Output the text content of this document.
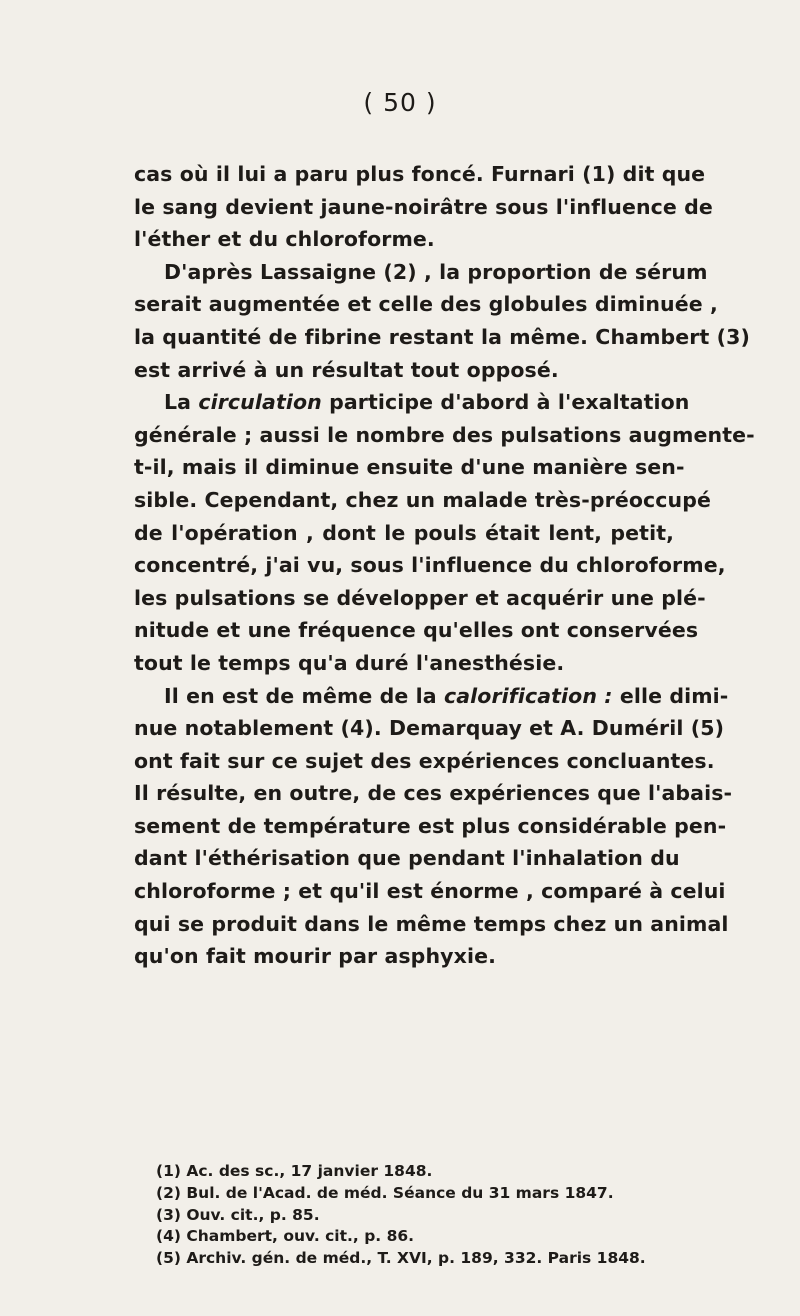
( 50 )
cas où il lui a paru plus foncé. Furnari (1) dit que
le sang devient jaune-noirâtre sous l'influence de
l'éther et du chloroforme.
D'après Lassaigne (2) , la proportion de sérum
serait augmentée et celle des globules diminuée ,
la quantité de fibrine restant la même. Chambert (3)
est arrivé à un résultat tout opposé.
La circulation participe d'abord à l'exaltation
générale ; aussi le nombre des pulsations augmente-
t-il, mais il diminue ensuite d'une manière sen-
sible. Cependant, chez un malade très-préoccupé
de l'opération , dont le pouls était lent, petit,
concentré, j'ai vu, sous l'influence du chloroforme,
les pulsations se développer et acquérir une plé-
nitude et une fréquence qu'elles ont conservées
tout le temps qu'a duré l'anesthésie.
Il en est de même de la calorification : elle dimi-
nue notablement (4). Demarquay et A. Duméril (5)
ont fait sur ce sujet des expériences concluantes.
Il résulte, en outre, de ces expériences que l'abais-
sement de température est plus considérable pen-
dant l'éthérisation que pendant l'inhalation du
chloroforme ; et qu'il est énorme , comparé à celui
qui se produit dans le même temps chez un animal
qu'on fait mourir par asphyxie.
(1) Ac. des sc., 17 janvier 1848.
(2) Bul. de l'Acad. de méd. Séance du 31 mars 1847.
(3) Ouv. cit., p. 85.
(4) Chambert, ouv. cit., p. 86.
(5) Archiv. gén. de méd., T. XVI, p. 189, 332. Paris 1848.
